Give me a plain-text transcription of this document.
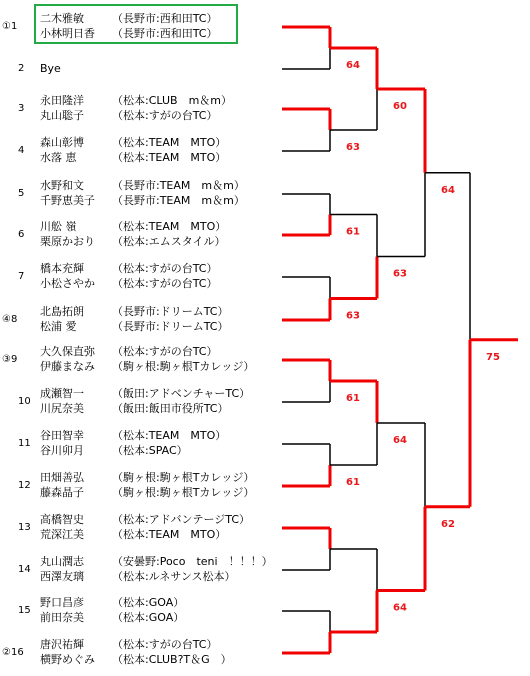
①1
二木雅敏	（長野市:西和田TC）
小林明日香 （長野市:西和田TC）
2 Bye
3
永田隆洋	（松本:CLUB　m＆m）
丸山聡子	（松本:すがの台TC）
4
森山彰博	（松本:TEAM　MTO）
水落 恵	（松本:TEAM　MTO）
5
水野和文	（長野市:TEAM　m＆m）
千野恵美子 （長野市:TEAM　m＆m）
6
川舩 嶺	（松本:TEAM　MTO）
栗原かおり （松本:エムスタイル）
7
橋本充輝	（松本:すがの台TC）
小松さやか （松本:すがの台TC）
④8
北島拓朗	（長野市:ドリームTC）
松浦 愛	（長野市:ドリームTC）
③9
大久保直弥 （松本:すがの台TC）
伊藤まなみ （駒ヶ根:駒ヶ根Tカレッジ）
10
成瀬智一	（飯田:アドベンチャーTC）
川尻奈美	（飯田:飯田市役所TC）
11
谷田智幸	（松本:TEAM　MTO）
谷川卯月	（松本:SPAC）
12
田畑善弘	（駒ヶ根:駒ヶ根Tカレッジ）
藤森晶子	（駒ヶ根:駒ヶ根Tカレッジ）
13
高橋智史	（松本:アドバンテージTC）
荒深江美	（松本:TEAM　MTO）
14
丸山潤志	（安曇野:Poco　teni　！！！）
西澤友璃	（松本:ルネサンス松本）
15
野口昌彦	（松本:GOA）
前田奈美	（松本:GOA）
②16
唐沢祐輝	（松本:すがの台TC）
横野めぐみ （松本:CLUB?T＆G　）
64
63
61
63
61
61
60
63
64
64
64
62
75
